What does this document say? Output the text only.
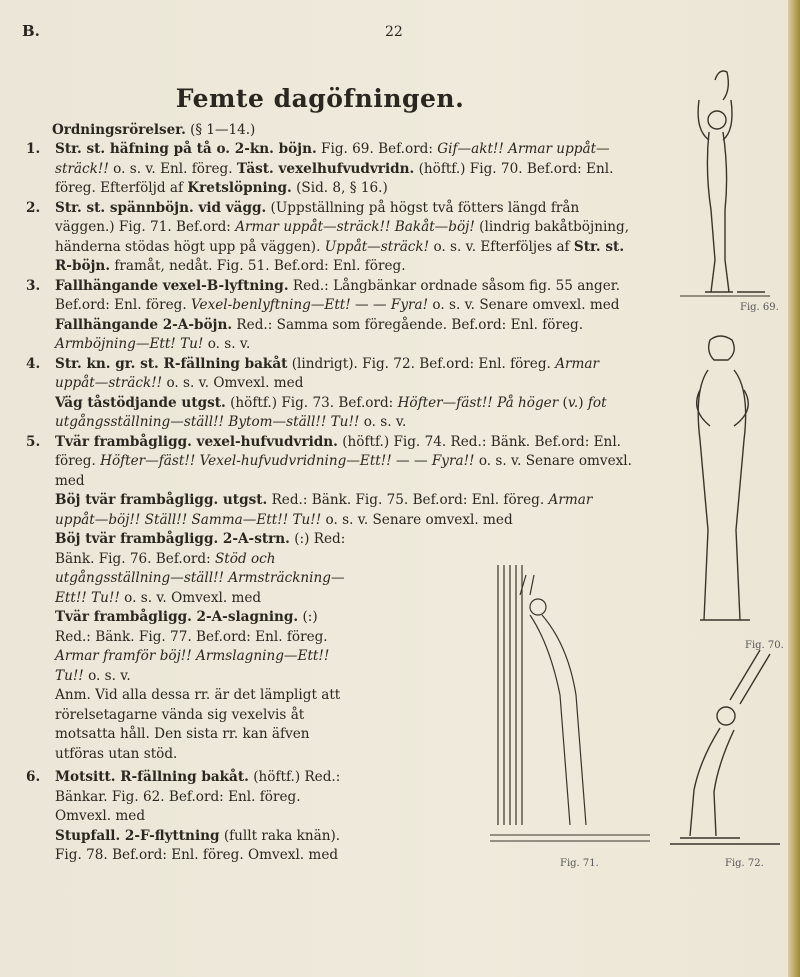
B.	22
Femte dagöfningen.
Ordningsrörelser. (§ 1—14.)
1. Str. st. häfning på tå o. 2-kn. böjn. Fig. 69. Bef.ord: Gif—akt!! Armar uppåt—sträck!! o. s. v. Enl. föreg. Täst. vexelhufvudvridn. (höftf.) Fig. 70. Bef.ord: Enl. föreg. Efterföljd af Kretslöpning. (Sid. 8, § 16.)

2. Str. st. spännböjn. vid vägg. (Uppställning på högst två fötters längd från väggen.) Fig. 71. Bef.ord: Armar uppåt—sträck!! Bakåt—böj! (lindrig bakåtböjning, händerna stödas högt upp på väggen). Uppåt—sträck! o. s. v. Efterföljes af Str. st. R-böjn. framåt, nedåt. Fig. 51. Bef.ord: Enl. föreg.

3. Fallhängande vexel-B-lyftning. Red.: Långbänkar ordnade såsom fig. 55 anger. Bef.ord: Enl. föreg. Vexel-benlyftning—Ett! — — Fyra! o. s. v. Senare omvexl. med

Fallhängande 2-A-böjn. Red.: Samma som föregående. Bef.ord: Enl. föreg. Armböjning—Ett! Tu! o. s. v.

4. Str. kn. gr. st. R-fällning bakåt (lindrigt). Fig. 72. Bef.ord: Enl. föreg. Armar uppåt—sträck!! o. s. v. Omvexl. med

Väg tåstödjande utgst. (höftf.) Fig. 73. Bef.ord: Höfter—fäst!! På höger (v.) fot utgångsställning—ställ!! Bytom—ställ!! Tu!! o. s. v.

5. Tvär frambågligg. vexel-hufvudvridn. (höftf.) Fig. 74. Red.: Bänk. Bef.ord: Enl. föreg. Höfter—fäst!! Vexel-hufvudvridning—Ett!! — — Fyra!! o. s. v. Senare omvexl. med

Böj tvär frambågligg. utgst. Red.: Bänk. Fig. 75. Bef.ord: Enl. föreg. Armar uppåt—böj!! Ställ!! Samma—Ett!! Tu!! o. s. v. Senare omvexl. med

Böj tvär frambågligg. 2-A-strn. (:) Red: Bänk. Fig. 76. Bef.ord: Stöd och utgångsställning—ställ!! Armsträckning—Ett!! Tu!! o. s. v. Omvexl. med

Tvär frambågligg. 2-A-slagning. (:) Red.: Bänk. Fig. 77. Bef.ord: Enl. föreg. Armar framför böj!! Armslagning—Ett!! Tu!! o. s. v.

Anm. Vid alla dessa rr. är det lämpligt att rörelsetagarne vända sig vexelvis åt motsatta håll. Den sista rr. kan äfven utföras utan stöd.

6. Motsitt. R-fällning bakåt. (höftf.) Red.: Bänkar. Fig. 62. Bef.ord: Enl. föreg. Omvexl. med

Stupfall. 2-F-flyttning (fullt raka knän). Fig. 78. Bef.ord: Enl. föreg. Omvexl. med

Fig. 69.
Fig. 70.
Fig. 71.	Fig. 72.
